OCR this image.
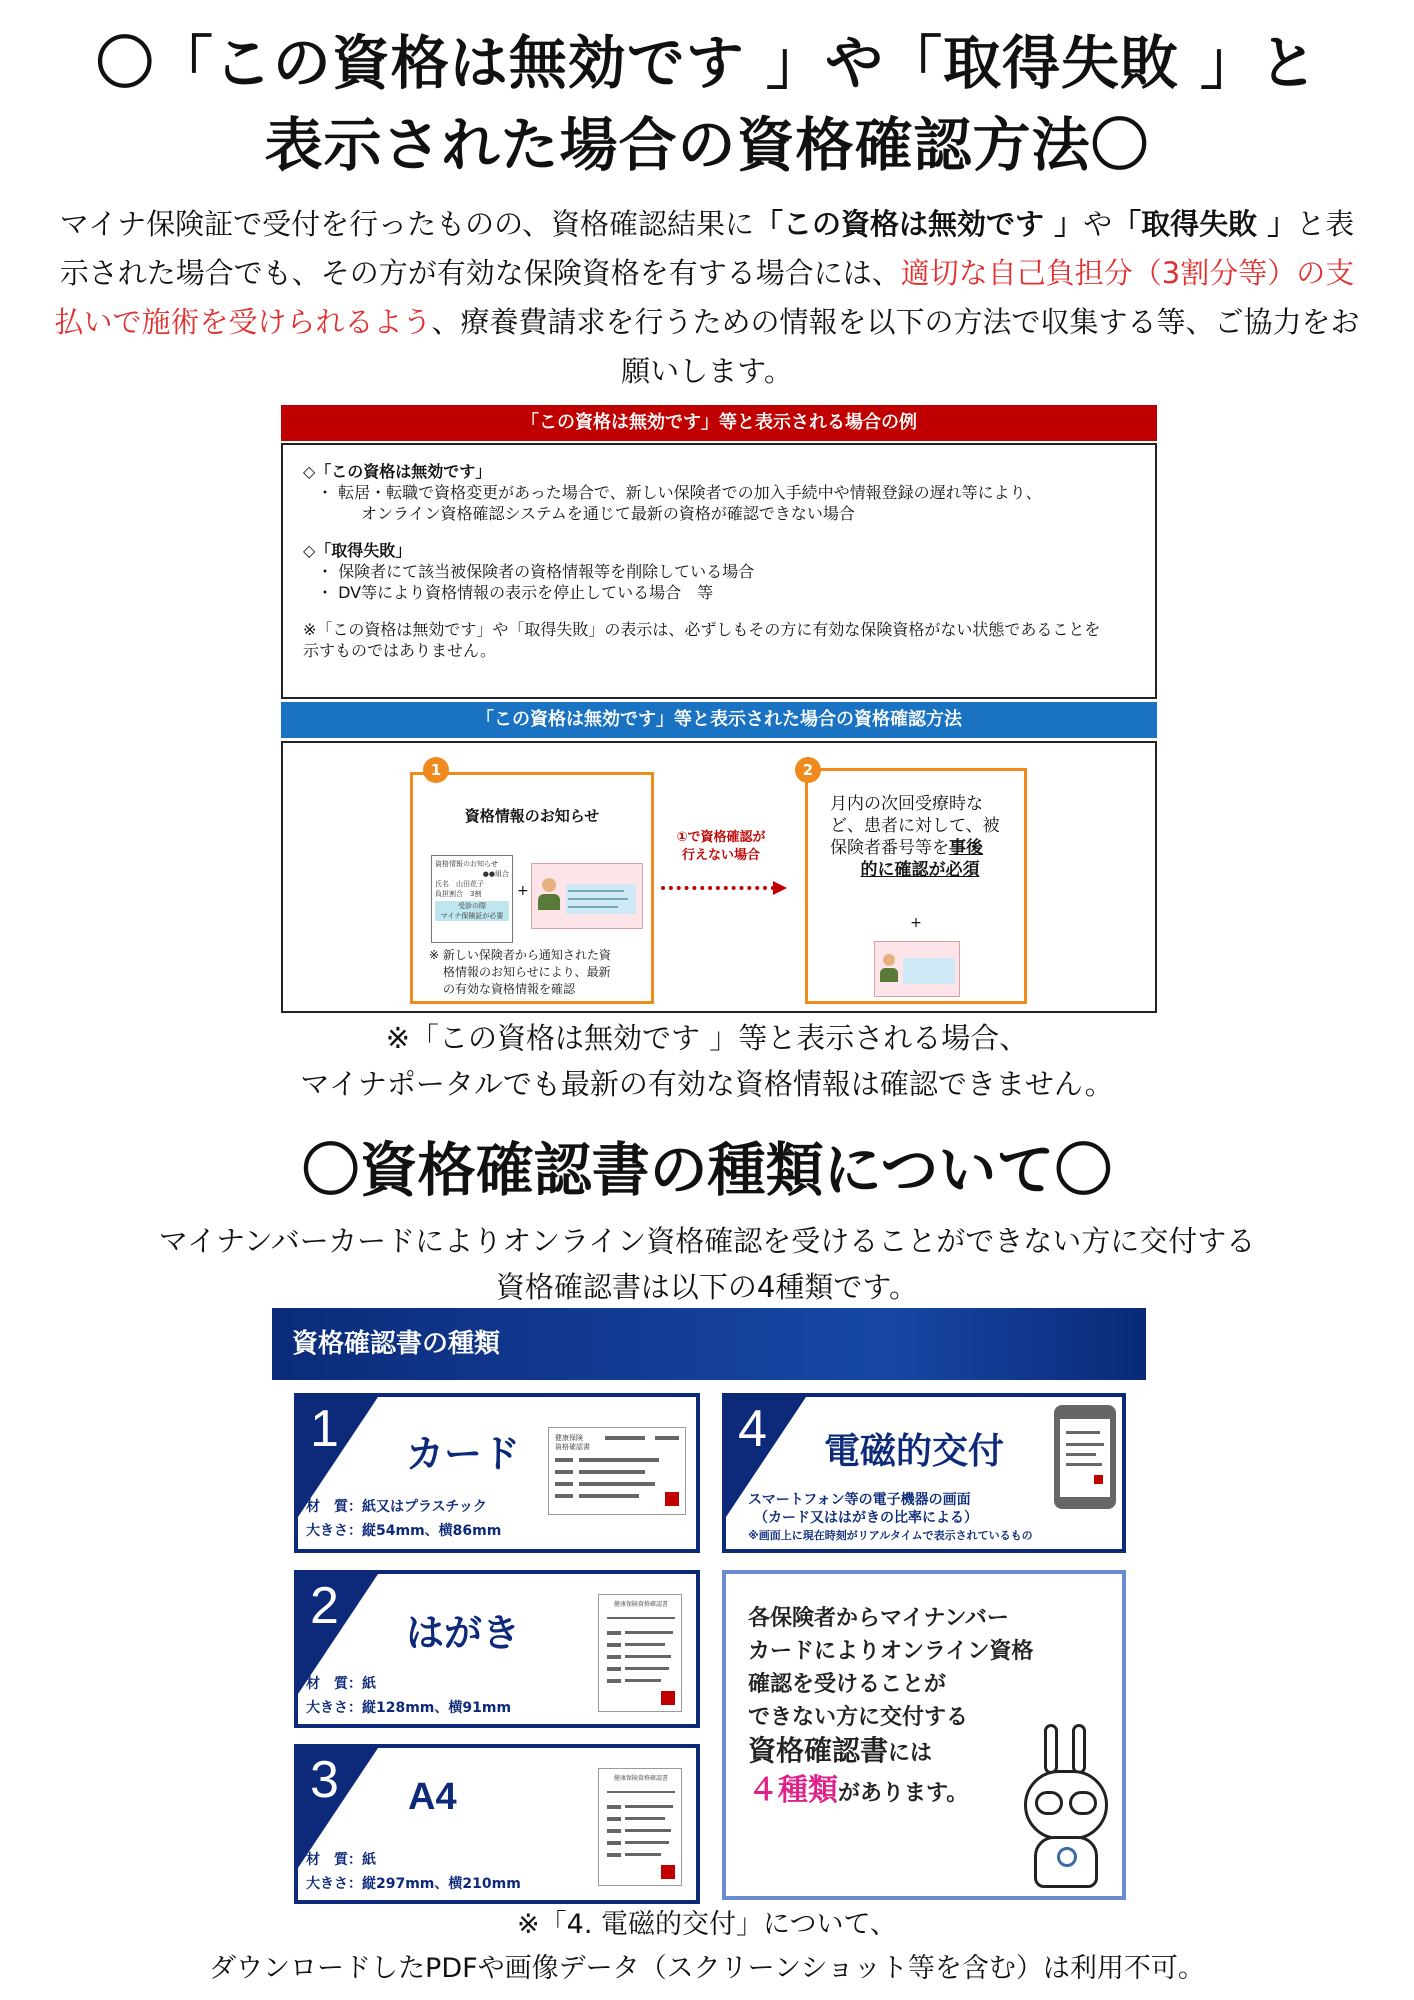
〇「この資格は無効です 」や「取得失敗 」と
表示された場合の資格確認方法〇
マイナ保険証で受付を行ったものの、資格確認結果に「この資格は無効です 」や「取得失敗 」と表示された場合でも、その方が有効な保険資格を有する場合には、適切な自己負担分（3割分等）の支払いで施術を受けられるよう、療養費請求を行うための情報を以下の方法で収集する等、ご協力をお願いします。
「この資格は無効です」等と表示される場合の例
◇「この資格は無効です」
・ 転居・転職で資格変更があった場合で、新しい保険者での加入手続中や情報登録の遅れ等により、
オンライン資格確認システムを通じて最新の資格が確認できない場合
◇「取得失敗」
・ 保険者にて該当被保険者の資格情報等を削除している場合
・ DV等により資格情報の表示を停止している場合　等
※「この資格は無効です」や「取得失敗」の表示は、必ずしもその方に有効な保険資格がない状態であることを
示すものではありません。
「この資格は無効です」等と表示された場合の資格確認方法
資格情報のお知らせ
資格情報のお知らせ
●●組合
氏名　山田花子
負担割合　3割
受診の際
マイナ保険証が必要
+
※ 新しい保険者から通知された資
格情報のお知らせにより、最新
の有効な資格情報を確認
1
①で資格確認が
行えない場合
月内の次回受療時な
ど、患者に対して、被
保険者番号等を事後
的に確認が必須
+
2
※「この資格は無効です 」等と表示される場合、
マイナポータルでも最新の有効な資格情報は確認できません。
〇資格確認書の種類について〇
マイナンバーカードによりオンライン資格確認を受けることができない方に交付する
資格確認書は以下の4種類です。
資格確認書の種類
1 カード
材　質：紙又はプラスチック
大きさ：縦54mm、横86mm
健康保険
資格確認書
2 はがき
材　質：紙
大きさ：縦128mm、横91mm
健康保険資格確認書
3 A4
材　質：紙
大きさ：縦297mm、横210mm
健康保険資格確認書
4 電磁的交付
スマートフォン等の電子機器の画面
（カード又ははがきの比率による）
※画面上に現在時刻がリアルタイムで表示されているもの
各保険者からマイナンバー
カードによりオンライン資格
確認を受けることが
できない方に交付する
資格確認書には
４種類があります。
※「4. 電磁的交付」について、
ダウンロードしたPDFや画像データ（スクリーンショット等を含む）は利用不可。
